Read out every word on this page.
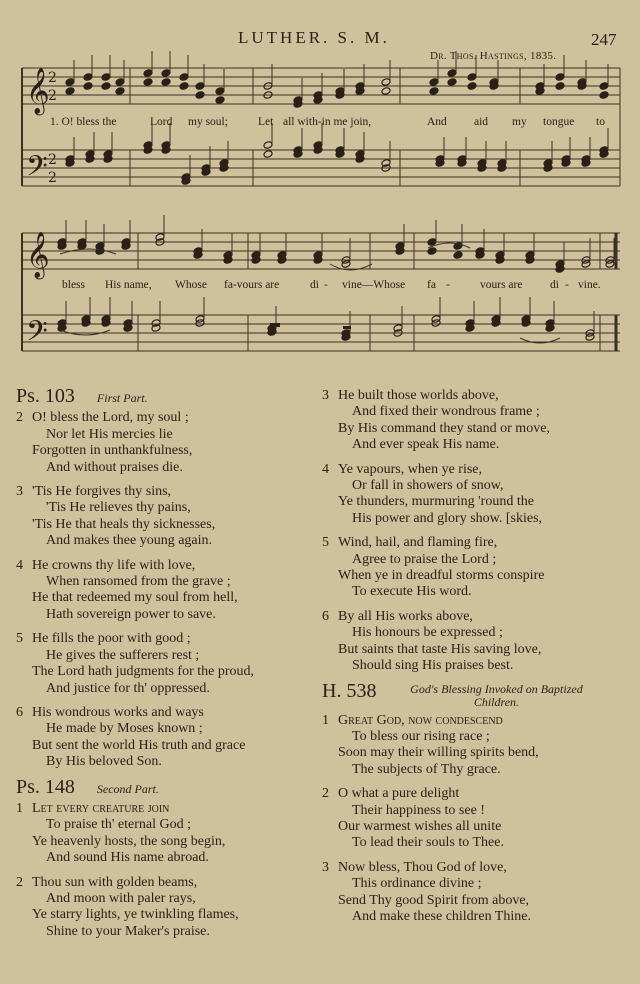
LUTHER. S. M.	247
Dr. Thos. Hastings, 1835.
𝄞
𝄢
𝄞
𝄢
2
2
2
2
1. O! bless the	Lord my soul;	Let all with-in me join,	And aid my tongue to
bless His name, Whose fa-vours are	di - vine—Whose fa -	vours are di - vine.
Ps. 103 First Part.
2 O! bless the Lord, my soul ;
Nor let His mercies lie
Forgotten in unthankfulness,
And without praises die.
3 'Tis He forgives thy sins,
'Tis He relieves thy pains,
'Tis He that heals thy sicknesses,
And makes thee young again.
4 He crowns thy life with love,
When ransomed from the grave ;
He that redeemed my soul from hell,
Hath sovereign power to save.
5 He fills the poor with good ;
He gives the sufferers rest ;
The Lord hath judgments for the proud,
And justice for th' oppressed.
6 His wondrous works and ways
He made by Moses known ;
But sent the world His truth and grace
By His beloved Son.
Ps. 148 Second Part.
1 Let every creature join
To praise th' eternal God ;
Ye heavenly hosts, the song begin,
And sound His name abroad.
2 Thou sun with golden beams,
And moon with paler rays,
Ye starry lights, ye twinkling flames,
Shine to your Maker's praise.
3 He built those worlds above,
And fixed their wondrous frame ;
By His command they stand or move,
And ever speak His name.
4 Ye vapours, when ye rise,
Or fall in showers of snow,
Ye thunders, murmuring 'round the
His power and glory show. [skies,
5 Wind, hail, and flaming fire,
Agree to praise the Lord ;
When ye in dreadful storms conspire
To execute His word.
6 By all His works above,
His honours be expressed ;
But saints that taste His saving love,
Should sing His praises best.
H. 538	God's Blessing Invoked on Baptized Children.
1 Great God, now condescend
To bless our rising race ;
Soon may their willing spirits bend,
The subjects of Thy grace.
2 O what a pure delight
Their happiness to see !
Our warmest wishes all unite
To lead their souls to Thee.
3 Now bless, Thou God of love,
This ordinance divine ;
Send Thy good Spirit from above,
And make these children Thine.
